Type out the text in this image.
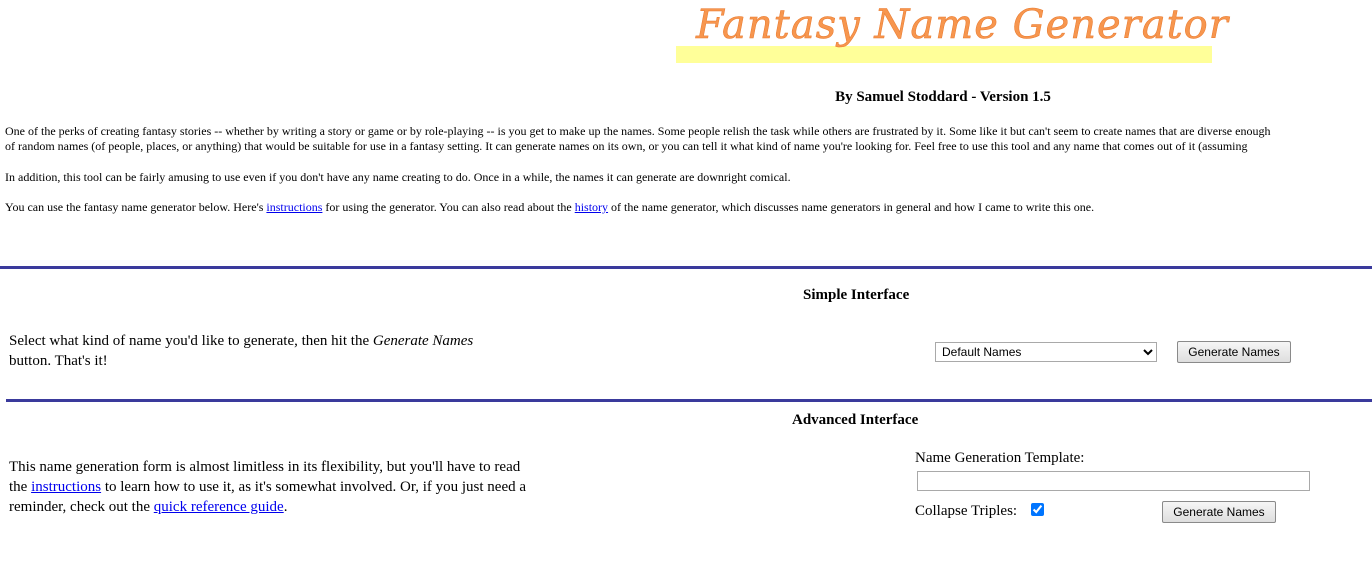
Fantasy Name Generator
By Samuel Stoddard - Version 1.5

One of the perks of creating fantasy stories -- whether by writing a story or game or by role-playing -- is you get to make up the names. Some people relish the task while others are frustrated by it. Some like it but can't seem to create names that are diverse enough
of random names (of people, places, or anything) that would be suitable for use in a fantasy setting. It can generate names on its own, or you can tell it what kind of name you're looking for. Feel free to use this tool and any name that comes out of it (assuming

In addition, this tool can be fairly amusing to use even if you don't have any name creating to do. Once in a while, the names it can generate are downright comical.

You can use the fantasy name generator below. Here's instructions for using the generator. You can also read about the history of the name generator, which discusses name generators in general and how I came to write this one.

Simple Interface
Select what kind of name you'd like to generate, then hit the Generate Names button. That's it!
Default Names
Generate Names
Advanced Interface
This name generation form is almost limitless in its flexibility, but you'll have to read the instructions to learn how to use it, as it's somewhat involved. Or, if you just need a reminder, check out the quick reference guide.
Name Generation Template:
Collapse Triples:	Generate Names
